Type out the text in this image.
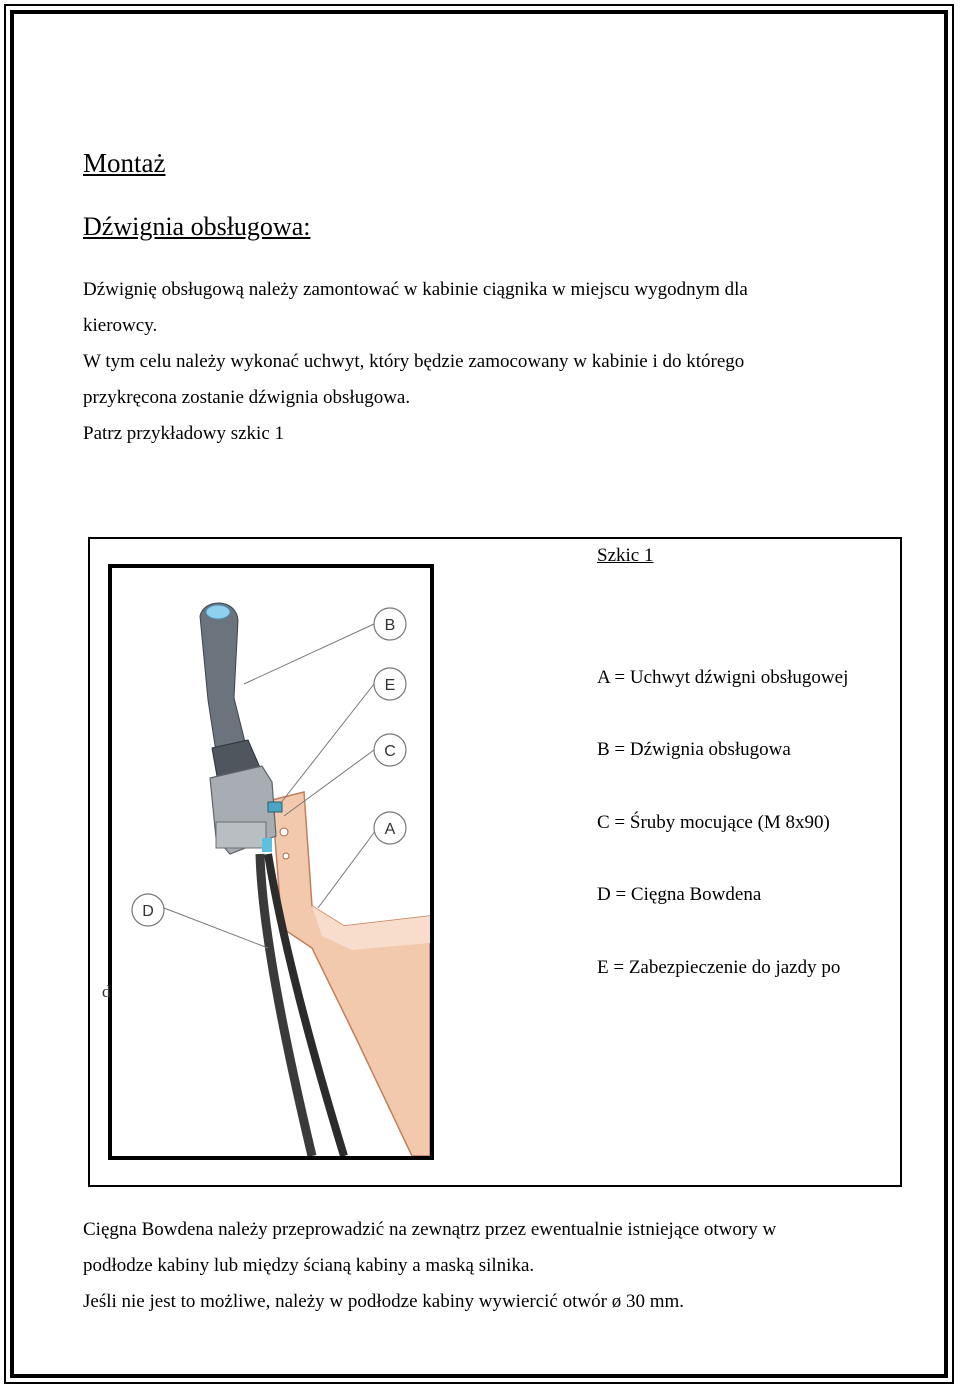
Montaż
Dźwignia obsługowa:

Dźwignię obsługową należy zamontować w kabinie ciągnika w miejscu wygodnym dla
kierowcy.
W tym celu należy wykonać uchwyt, który będzie zamocowany w kabinie i do którego
przykręcona zostanie dźwignia obsługowa.
Patrz przykładowy szkic 1

B
E
C
A
D
d
Szkic 1
A = Uchwyt dźwigni obsługowej
B = Dźwignia obsługowa
C = Śruby mocujące (M 8x90)
D = Cięgna Bowdena
E = Zabezpieczenie do jazdy po

Cięgna Bowdena należy przeprowadzić na zewnątrz przez ewentualnie istniejące otwory w
podłodze kabiny lub między ścianą kabiny a maską silnika.
Jeśli nie jest to możliwe, należy w podłodze kabiny wywiercić otwór ø 30 mm.
